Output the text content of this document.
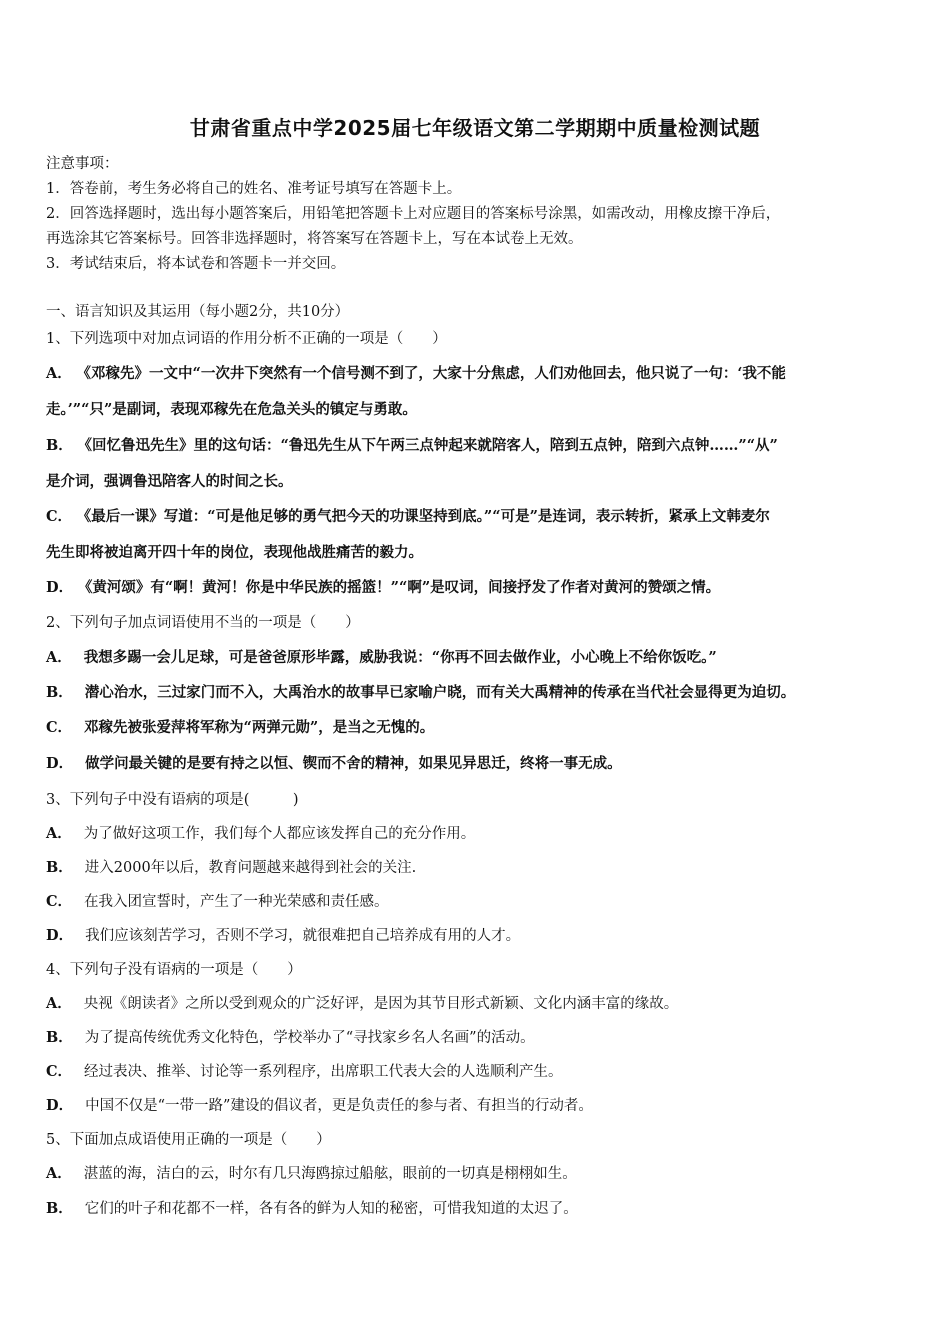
甘肃省重点中学2025届七年级语文第二学期期中质量检测试题
注意事项：
1．答卷前，考生务必将自己的姓名、准考证号填写在答题卡上。
2．回答选择题时，选出每小题答案后，用铅笔把答题卡上对应题目的答案标号涂黑，如需改动，用橡皮擦干净后，
再选涂其它答案标号。回答非选择题时，将答案写在答题卡上，写在本试卷上无效。
3．考试结束后，将本试卷和答题卡一并交回。
一、语言知识及其运用（每小题2分，共10分）
1、下列选项中对加点词语的作用分析不正确的一项是（　　）
A． 《邓稼先》一文中“一次井下突然有一个信号测不到了，大家十分焦虑，人们劝他回去，他只说了一句：‘我不能
走。’”“只”是副词，表现邓稼先在危急关头的镇定与勇敢。
B． 《回忆鲁迅先生》里的这句话：“鲁迅先生从下午两三点钟起来就陪客人，陪到五点钟，陪到六点钟……”“从”
是介词，强调鲁迅陪客人的时间之长。
C． 《最后一课》写道：“可是他足够的勇气把今天的功课坚持到底。”“可是”是连词，表示转折，紧承上文韩麦尔
先生即将被迫离开四十年的岗位，表现他战胜痛苦的毅力。
D． 《黄河颂》有“啊！黄河！你是中华民族的摇篮！”“啊”是叹词，间接抒发了作者对黄河的赞颂之情。
2、下列句子加点词语使用不当的一项是（　　）
A． 我想多踢一会儿足球，可是爸爸原形毕露，威胁我说：“你再不回去做作业，小心晚上不给你饭吃。”
B． 潜心治水，三过家门而不入，大禹治水的故事早已家喻户晓，而有关大禹精神的传承在当代社会显得更为迫切。
C． 邓稼先被张爱萍将军称为“两弹元勋”，是当之无愧的。
D． 做学问最关键的是要有持之以恒、锲而不舍的精神，如果见异思迁，终将一事无成。
3、下列句子中没有语病的项是(　　　)
A． 为了做好这项工作，我们每个人都应该发挥自己的充分作用。
B． 进入2000年以后，教育问题越来越得到社会的关注.
C． 在我入团宣誓时，产生了一种光荣感和责任感。
D． 我们应该刻苦学习，否则不学习，就很难把自己培养成有用的人才。
4、下列句子没有语病的一项是（　　）
A． 央视《朗读者》之所以受到观众的广泛好评，是因为其节目形式新颖、文化内涵丰富的缘故。
B． 为了提高传统优秀文化特色，学校举办了“寻找家乡名人名画”的活动。
C． 经过表决、推举、讨论等一系列程序，出席职工代表大会的人选顺利产生。
D． 中国不仅是“一带一路”建设的倡议者，更是负责任的参与者、有担当的行动者。
5、下面加点成语使用正确的一项是（　　）
A． 湛蓝的海，洁白的云，时尔有几只海鸥掠过船舷，眼前的一切真是栩栩如生。
B． 它们的叶子和花都不一样，各有各的鲜为人知的秘密，可惜我知道的太迟了。
